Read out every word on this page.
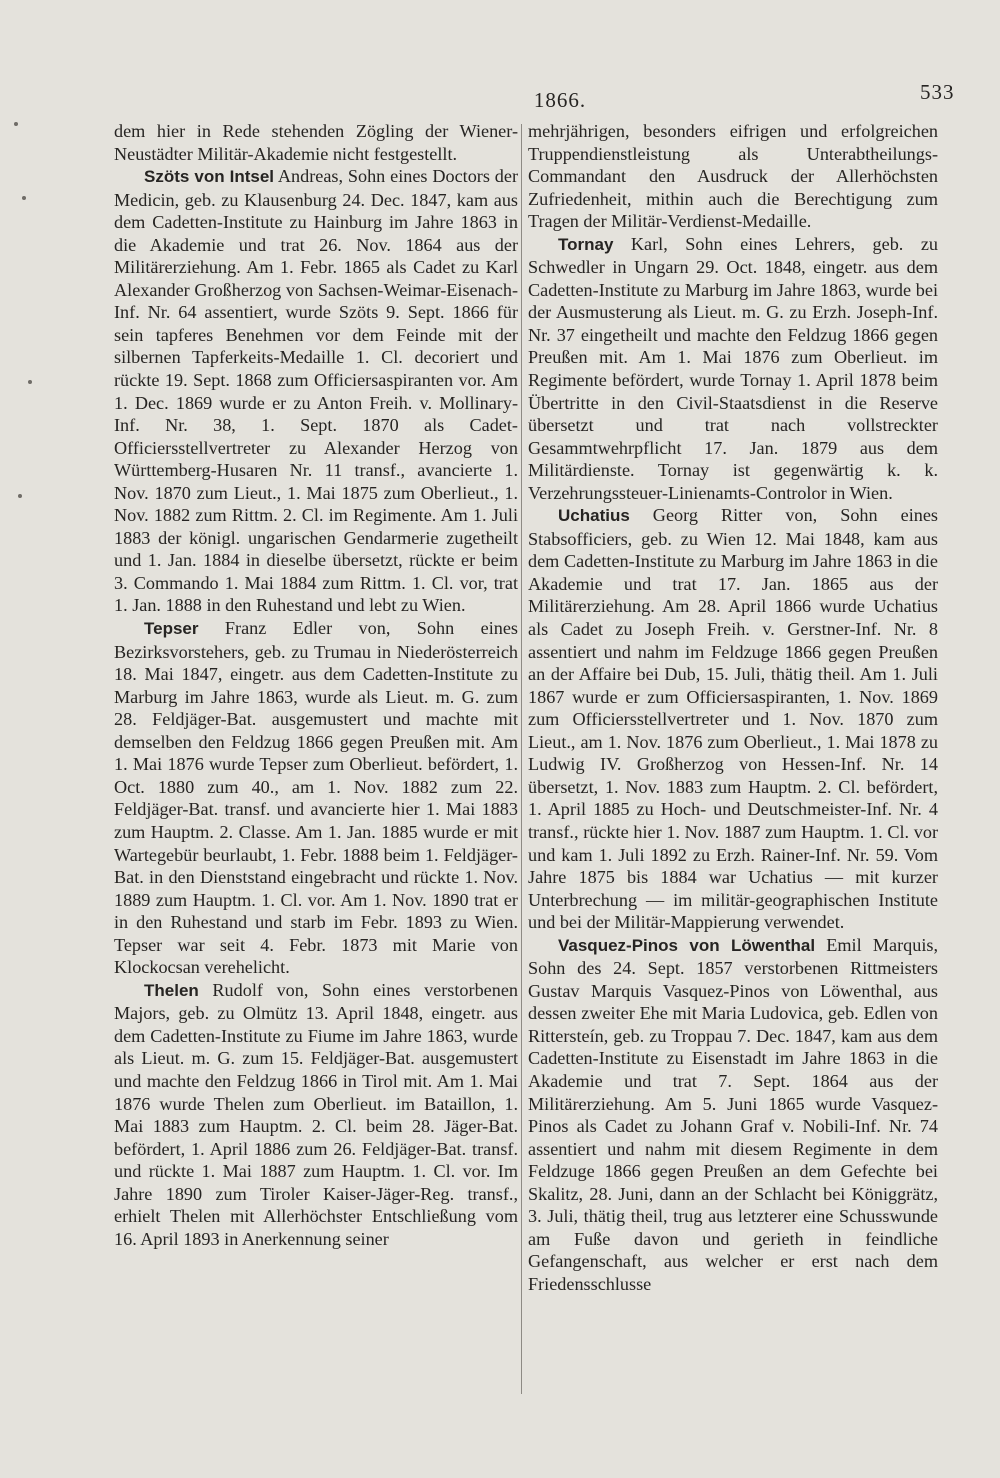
1866.	533

dem hier in Rede stehenden Zögling der Wiener-Neustädter Militär-Akademie nicht festgestellt.

Szöts von Intsel Andreas, Sohn eines Doctors der Medicin, geb. zu Klausenburg 24. Dec. 1847, kam aus dem Cadetten-Institute zu Hainburg im Jahre 1863 in die Akademie und trat 26. Nov. 1864 aus der Militärerziehung. Am 1. Febr. 1865 als Cadet zu Karl Alexander Großherzog von Sachsen-Weimar-Eisenach-Inf. Nr. 64 assentiert, wurde Szöts 9. Sept. 1866 für sein tapferes Benehmen vor dem Feinde mit der silbernen Tapferkeits-Medaille 1. Cl. decoriert und rückte 19. Sept. 1868 zum Officiersaspiranten vor. Am 1. Dec. 1869 wurde er zu Anton Freih. v. Mollinary-Inf. Nr. 38, 1. Sept. 1870 als Cadet-Officiersstellvertreter zu Alexander Herzog von Württemberg-Husaren Nr. 11 transf., avancierte 1. Nov. 1870 zum Lieut., 1. Mai 1875 zum Oberlieut., 1. Nov. 1882 zum Rittm. 2. Cl. im Regimente. Am 1. Juli 1883 der königl. ungarischen Gendarmerie zugetheilt und 1. Jan. 1884 in dieselbe übersetzt, rückte er beim 3. Commando 1. Mai 1884 zum Rittm. 1. Cl. vor, trat 1. Jan. 1888 in den Ruhestand und lebt zu Wien.

Tepser Franz Edler von, Sohn eines Bezirksvorstehers, geb. zu Trumau in Niederösterreich 18. Mai 1847, eingetr. aus dem Cadetten-Institute zu Marburg im Jahre 1863, wurde als Lieut. m. G. zum 28. Feldjäger-Bat. ausgemustert und machte mit demselben den Feldzug 1866 gegen Preußen mit. Am 1. Mai 1876 wurde Tepser zum Oberlieut. befördert, 1. Oct. 1880 zum 40., am 1. Nov. 1882 zum 22. Feldjäger-Bat. transf. und avancierte hier 1. Mai 1883 zum Hauptm. 2. Classe. Am 1. Jan. 1885 wurde er mit Wartegebür beurlaubt, 1. Febr. 1888 beim 1. Feldjäger-Bat. in den Dienststand eingebracht und rückte 1. Nov. 1889 zum Hauptm. 1. Cl. vor. Am 1. Nov. 1890 trat er in den Ruhestand und starb im Febr. 1893 zu Wien. Tepser war seit 4. Febr. 1873 mit Marie von Klockocsan verehelicht.

Thelen Rudolf von, Sohn eines verstorbenen Majors, geb. zu Olmütz 13. April 1848, eingetr. aus dem Cadetten-Institute zu Fiume im Jahre 1863, wurde als Lieut. m. G. zum 15. Feldjäger-Bat. ausgemustert und machte den Feldzug 1866 in Tirol mit. Am 1. Mai 1876 wurde Thelen zum Oberlieut. im Bataillon, 1. Mai 1883 zum Hauptm. 2. Cl. beim 28. Jäger-Bat. befördert, 1. April 1886 zum 26. Feldjäger-Bat. transf. und rückte 1. Mai 1887 zum Hauptm. 1. Cl. vor. Im Jahre 1890 zum Tiroler Kaiser-Jäger-Reg. transf., erhielt Thelen mit Allerhöchster Entschließung vom 16. April 1893 in Anerkennung seiner

mehrjährigen, besonders eifrigen und erfolgreichen Truppendienstleistung als Unterabtheilungs-Commandant den Ausdruck der Allerhöchsten Zufriedenheit, mithin auch die Berechtigung zum Tragen der Militär-Verdienst-Medaille.

Tornay Karl, Sohn eines Lehrers, geb. zu Schwedler in Ungarn 29. Oct. 1848, eingetr. aus dem Cadetten-Institute zu Marburg im Jahre 1863, wurde bei der Ausmusterung als Lieut. m. G. zu Erzh. Joseph-Inf. Nr. 37 eingetheilt und machte den Feldzug 1866 gegen Preußen mit. Am 1. Mai 1876 zum Oberlieut. im Regimente befördert, wurde Tornay 1. April 1878 beim Übertritte in den Civil-Staatsdienst in die Reserve übersetzt und trat nach vollstreckter Gesammtwehrpflicht 17. Jan. 1879 aus dem Militärdienste. Tornay ist gegenwärtig k. k. Verzehrungssteuer-Linienamts-Controlor in Wien.

Uchatius Georg Ritter von, Sohn eines Stabsofficiers, geb. zu Wien 12. Mai 1848, kam aus dem Cadetten-Institute zu Marburg im Jahre 1863 in die Akademie und trat 17. Jan. 1865 aus der Militärerziehung. Am 28. April 1866 wurde Uchatius als Cadet zu Joseph Freih. v. Gerstner-Inf. Nr. 8 assentiert und nahm im Feldzuge 1866 gegen Preußen an der Affaire bei Dub, 15. Juli, thätig theil. Am 1. Juli 1867 wurde er zum Officiersaspiranten, 1. Nov. 1869 zum Officiersstellvertreter und 1. Nov. 1870 zum Lieut., am 1. Nov. 1876 zum Oberlieut., 1. Mai 1878 zu Ludwig IV. Großherzog von Hessen-Inf. Nr. 14 übersetzt, 1. Nov. 1883 zum Hauptm. 2. Cl. befördert, 1. April 1885 zu Hoch- und Deutschmeister-Inf. Nr. 4 transf., rückte hier 1. Nov. 1887 zum Hauptm. 1. Cl. vor und kam 1. Juli 1892 zu Erzh. Rainer-Inf. Nr. 59. Vom Jahre 1875 bis 1884 war Uchatius — mit kurzer Unterbrechung — im militär-geographischen Institute und bei der Militär-Mappierung verwendet.

Vasquez-Pinos von Löwenthal Emil Marquis, Sohn des 24. Sept. 1857 verstorbenen Rittmeisters Gustav Marquis Vasquez-Pinos von Löwenthal, aus dessen zweiter Ehe mit Maria Ludovica, geb. Edlen von Rittersteín, geb. zu Troppau 7. Dec. 1847, kam aus dem Cadetten-Institute zu Eisenstadt im Jahre 1863 in die Akademie und trat 7. Sept. 1864 aus der Militärerziehung. Am 5. Juni 1865 wurde Vasquez-Pinos als Cadet zu Johann Graf v. Nobili-Inf. Nr. 74 assentiert und nahm mit diesem Regimente in dem Feldzuge 1866 gegen Preußen an dem Gefechte bei Skalitz, 28. Juni, dann an der Schlacht bei Königgrätz, 3. Juli, thätig theil, trug aus letzterer eine Schusswunde am Fuße davon und gerieth in feindliche Gefangenschaft, aus welcher er erst nach dem Friedensschlusse
